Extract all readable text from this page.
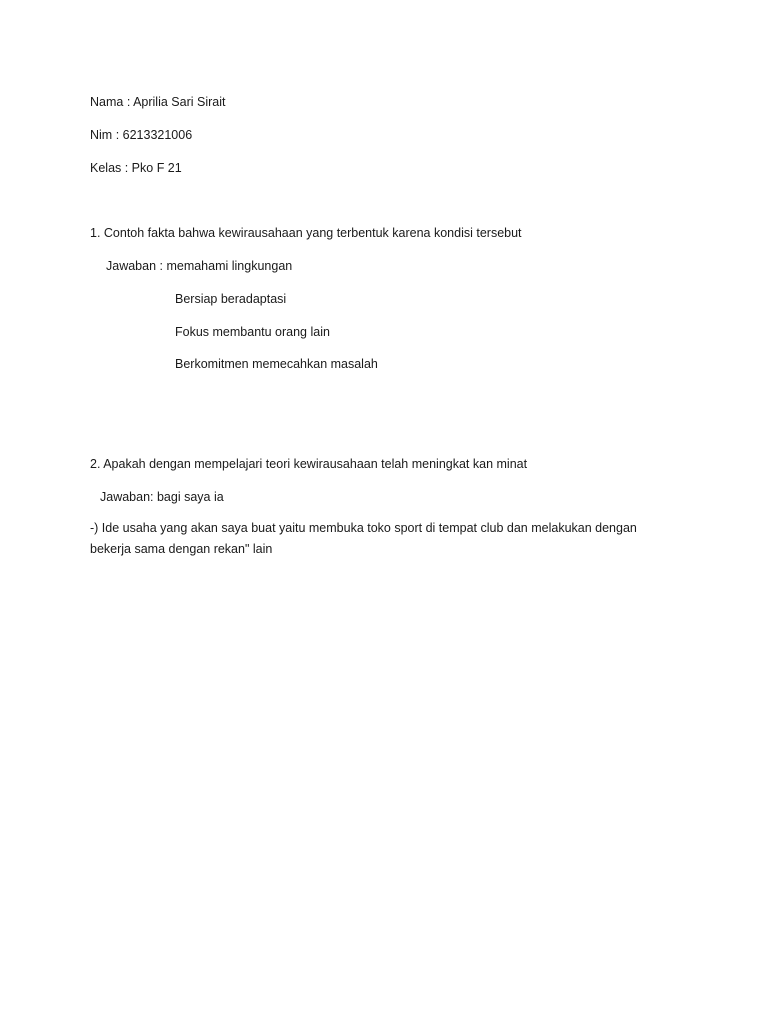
Nama : Aprilia Sari Sirait
Nim : 6213321006
Kelas : Pko F 21
1. Contoh fakta bahwa kewirausahaan yang terbentuk karena kondisi tersebut
Jawaban : memahami lingkungan
Bersiap beradaptasi
Fokus membantu orang lain
Berkomitmen memecahkan masalah
2. Apakah dengan mempelajari teori kewirausahaan telah meningkat kan minat
Jawaban: bagi saya ia
-) Ide usaha yang akan saya buat yaitu membuka toko sport di tempat club dan melakukan dengan bekerja sama dengan rekan" lain
